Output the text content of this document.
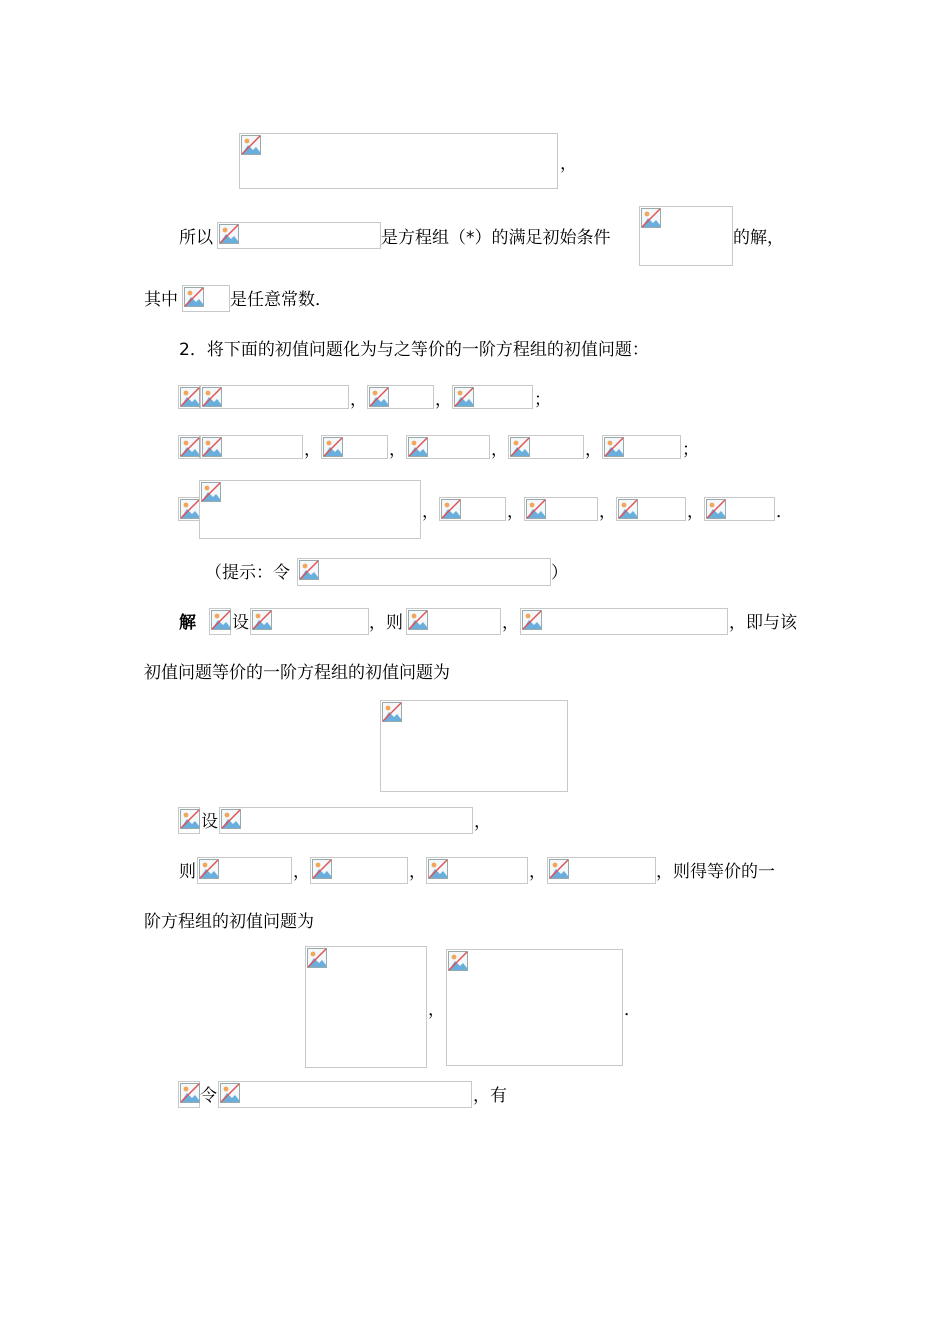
，
所以	是方程组（*）的满足初始条件	的解，
其中	是任意常数．
2．将下面的初值问题化为与之等价的一阶方程组的初值问题：
，	，	；
，	，	，	，	；
，	，	，	，	．
（提示：令	）
解 设	，则	，	，即与该
初值问题等价的一阶方程组的初值问题为
设	，
则	，	，	，	，则得等价的一
阶方程组的初值问题为
，	．
令	，有
